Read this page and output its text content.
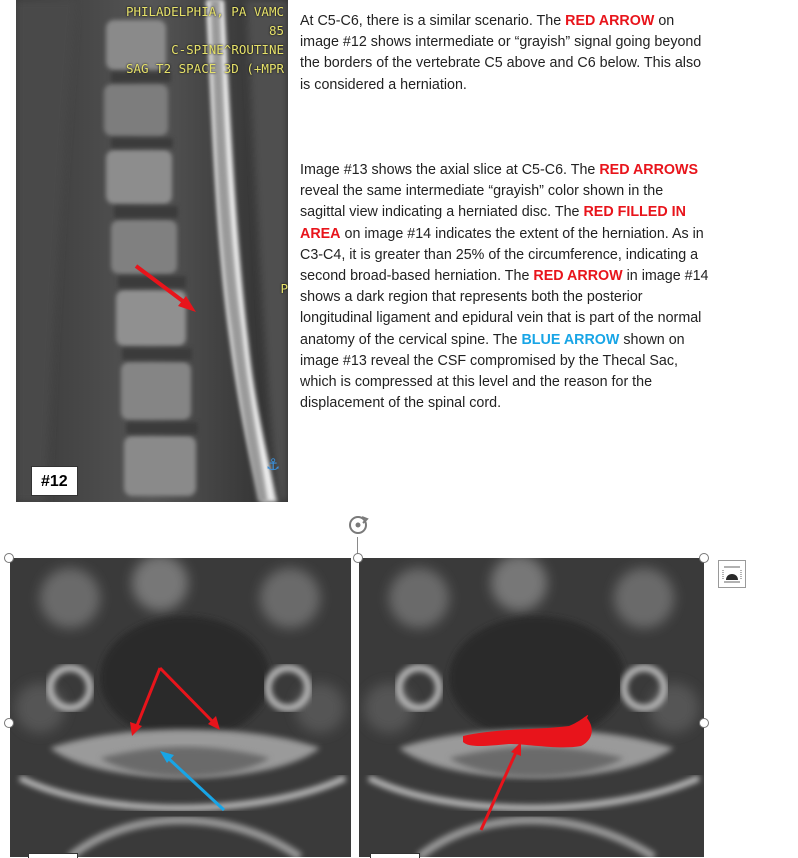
⚓
PHILADELPHIA, PA VAMC
85
C-SPINE^ROUTINE
SAG T2 SPACE 3D (+MPR
P
#12
At C5-C6, there is a similar scenario. The RED ARROW on image #12 shows intermediate or “grayish” signal going beyond the borders of the vertebrate C5 above and C6 below. This also is considered a herniation.
Image #13 shows the axial slice at C5-C6. The RED ARROWS reveal the same intermediate “grayish” color shown in the sagittal view indicating a herniated disc. The RED FILLED IN AREA on image #14 indicates the extent of the herniation. As in C3-C4, it is greater than 25% of the circumference, indicating a second broad-based herniation. The RED ARROW in image #14 shows a dark region that represents both the posterior longitudinal ligament and epidural vein that is part of the normal anatomy of the cervical spine. The BLUE ARROW shown on image #13 reveal the CSF compromised by the Thecal Sac, which is compressed at this level and the reason for the displacement of the spinal cord.
